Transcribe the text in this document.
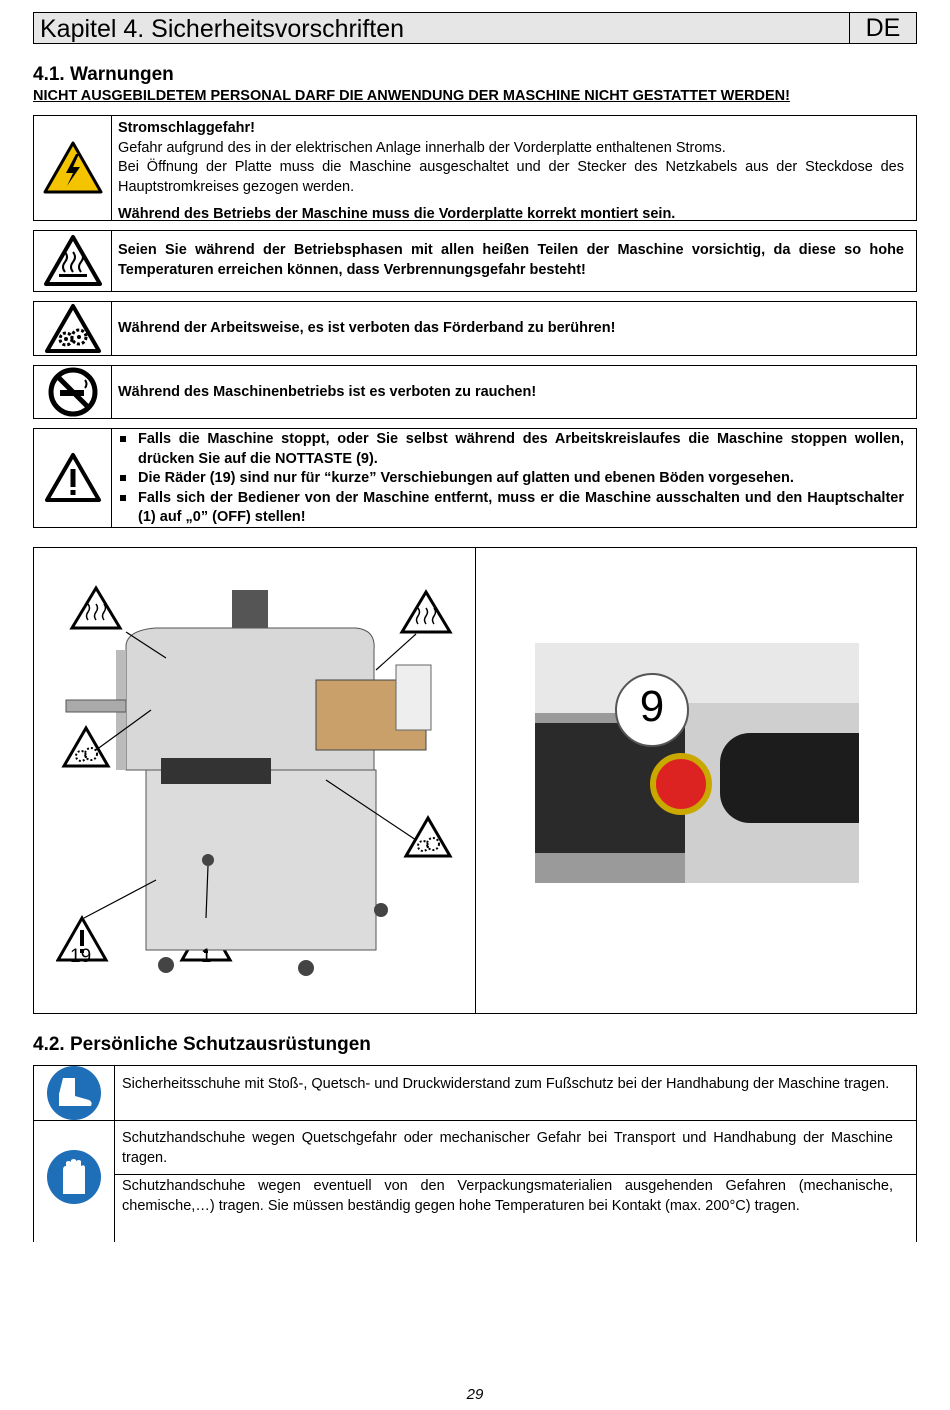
Kapitel 4. Sicherheitsvorschriften	DE
4.1. Warnungen
NICHT AUSGEBILDETEM PERSONAL DARF DIE ANWENDUNG DER MASCHINE NICHT GESTATTET WERDEN!
Stromschlaggefahr!
Gefahr aufgrund des in der elektrischen Anlage innerhalb der Vorderplatte enthaltenen Stroms.
Bei Öffnung der Platte muss die Maschine ausgeschaltet und der Stecker des Netzkabels aus der Steckdose des Hauptstromkreises gezogen werden.
Während des Betriebs der Maschine muss die Vorderplatte korrekt montiert sein.
Seien Sie während der Betriebsphasen mit allen heißen Teilen der Maschine vorsichtig, da diese so hohe Temperaturen erreichen können, dass Verbrennungsgefahr besteht!
Während der Arbeitsweise, es ist verboten das Förderband zu berühren!
Während des Maschinenbetriebs ist es verboten zu rauchen!
Falls die Maschine stoppt, oder Sie selbst während des Arbeitskreislaufes die Maschine stoppen wollen, drücken Sie auf die NOTTASTE (9).
Die Räder (19) sind nur für “kurze” Verschiebungen auf glatten und ebenen Böden vorgesehen.
Falls sich der Bediener von der Maschine entfernt, muss er die Maschine ausschalten und den Hauptschalter (1) auf „0” (OFF) stellen!
19	1
9
4.2. Persönliche Schutzausrüstungen
Sicherheitsschuhe mit Stoß-, Quetsch- und Druckwiderstand zum Fußschutz bei der Handhabung der Maschine tragen.
Schutzhandschuhe wegen Quetschgefahr oder mechanischer Gefahr bei Transport und Handhabung der Maschine tragen.
Schutzhandschuhe wegen eventuell von den Verpackungsmaterialien ausgehenden Gefahren (mechanische, chemische,…) tragen. Sie müssen beständig gegen hohe Temperaturen bei Kontakt (max. 200°C) tragen.
29
